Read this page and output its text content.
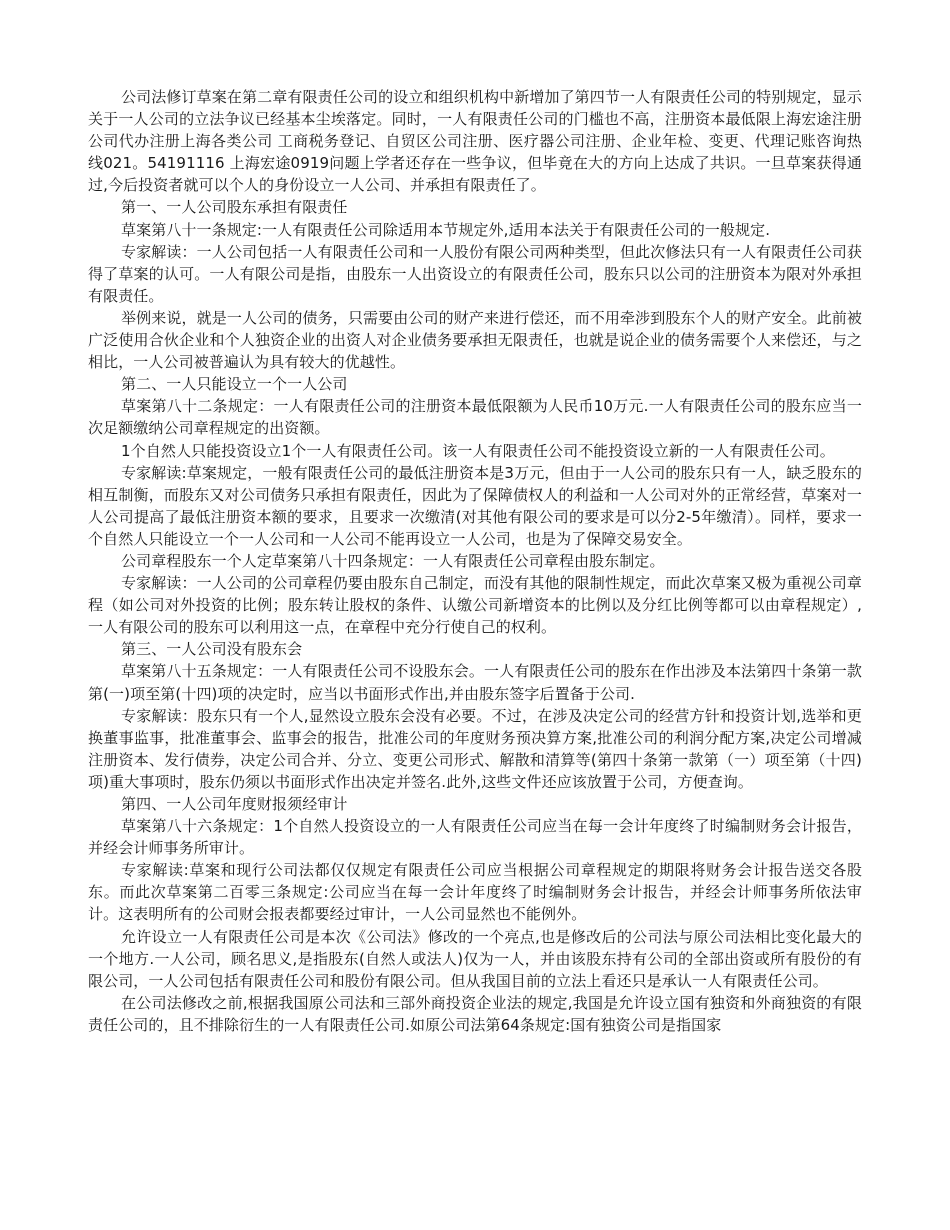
公司法修订草案在第二章有限责任公司的设立和组织机构中新增加了第四节一人有限责任公司的特别规定，显示关于一人公司的立法争议已经基本尘埃落定。同时，一人有限责任公司的门槛也不高，注册资本最低限上海宏途注册公司代办注册上海各类公司 工商税务登记、自贸区公司注册、医疗器公司注册、企业年检、变更、代理记账咨询热线021。54191116 上海宏途0919问题上学者还存在一些争议，但毕竟在大的方向上达成了共识。一旦草案获得通过,今后投资者就可以个人的身份设立一人公司、并承担有限责任了。

第一、一人公司股东承担有限责任

草案第八十一条规定:一人有限责任公司除适用本节规定外,适用本法关于有限责任公司的一般规定.

专家解读：一人公司包括一人有限责任公司和一人股份有限公司两种类型，但此次修法只有一人有限责任公司获得了草案的认可。一人有限公司是指，由股东一人出资设立的有限责任公司，股东只以公司的注册资本为限对外承担有限责任。

举例来说，就是一人公司的债务，只需要由公司的财产来进行偿还，而不用牵涉到股东个人的财产安全。此前被广泛使用合伙企业和个人独资企业的出资人对企业债务要承担无限责任，也就是说企业的债务需要个人来偿还，与之相比，一人公司被普遍认为具有较大的优越性。

第二、一人只能设立一个一人公司

草案第八十二条规定：一人有限责任公司的注册资本最低限额为人民币10万元.一人有限责任公司的股东应当一次足额缴纳公司章程规定的出资额。

1个自然人只能投资设立1个一人有限责任公司。该一人有限责任公司不能投资设立新的一人有限责任公司。

专家解读:草案规定，一般有限责任公司的最低注册资本是3万元，但由于一人公司的股东只有一人，缺乏股东的相互制衡，而股东又对公司债务只承担有限责任，因此为了保障债权人的利益和一人公司对外的正常经营，草案对一人公司提高了最低注册资本额的要求，且要求一次缴清(对其他有限公司的要求是可以分2-5年缴清）。同样，要求一个自然人只能设立一个一人公司和一人公司不能再设立一人公司，也是为了保障交易安全。

公司章程股东一个人定草案第八十四条规定：一人有限责任公司章程由股东制定。

专家解读：一人公司的公司章程仍要由股东自己制定，而没有其他的限制性规定，而此次草案又极为重视公司章程（如公司对外投资的比例；股东转让股权的条件、认缴公司新增资本的比例以及分红比例等都可以由章程规定）,一人有限公司的股东可以利用这一点，在章程中充分行使自己的权利。

第三、一人公司没有股东会

草案第八十五条规定：一人有限责任公司不设股东会。一人有限责任公司的股东在作出涉及本法第四十条第一款第(一)项至第(十四)项的决定时，应当以书面形式作出,并由股东签字后置备于公司.

专家解读：股东只有一个人,显然设立股东会没有必要。不过，在涉及决定公司的经营方针和投资计划,选举和更换董事监事，批准董事会、监事会的报告，批准公司的年度财务预决算方案,批准公司的利润分配方案,决定公司增减注册资本、发行债券，决定公司合并、分立、变更公司形式、解散和清算等(第四十条第一款第（一）项至第（十四)项)重大事项时，股东仍须以书面形式作出决定并签名.此外,这些文件还应该放置于公司，方便查询。

第四、一人公司年度财报须经审计

草案第八十六条规定：1个自然人投资设立的一人有限责任公司应当在每一会计年度终了时编制财务会计报告，并经会计师事务所审计。

专家解读:草案和现行公司法都仅仅规定有限责任公司应当根据公司章程规定的期限将财务会计报告送交各股东。而此次草案第二百零三条规定:公司应当在每一会计年度终了时编制财务会计报告，并经会计师事务所依法审计。这表明所有的公司财会报表都要经过审计，一人公司显然也不能例外。

允许设立一人有限责任公司是本次《公司法》修改的一个亮点,也是修改后的公司法与原公司法相比变化最大的一个地方.一人公司，顾名思义,是指股东(自然人或法人)仅为一人，并由该股东持有公司的全部出资或所有股份的有限公司，一人公司包括有限责任公司和股份有限公司。但从我国目前的立法上看还只是承认一人有限责任公司。

在公司法修改之前,根据我国原公司法和三部外商投资企业法的规定,我国是允许设立国有独资和外商独资的有限责任公司的，且不排除衍生的一人有限责任公司.如原公司法第64条规定:国有独资公司是指国家
